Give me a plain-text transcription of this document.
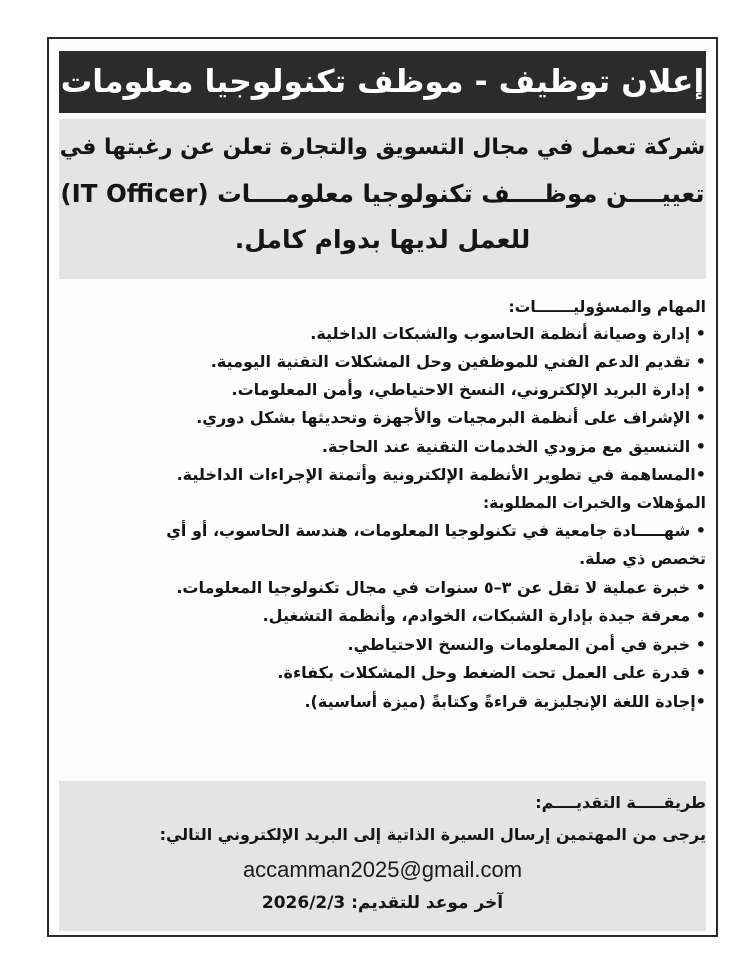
إعلان توظيف - موظف تكنولوجيا معلومات
شركة تعمل في مجال التسويق والتجارة تعلن عن رغبتها في
تعييــــن موظــــف تكنولوجيا معلومــــات (IT Officer)
للعمل لديها بدوام كامل.
المهام والمسؤوليـــــــات:
• إدارة وصيانة أنظمة الحاسوب والشبكات الداخلية.
• تقديم الدعم الفني للموظفين وحل المشكلات التقنية اليومية.
• إدارة البريد الإلكتروني، النسخ الاحتياطي، وأمن المعلومات.
• الإشراف على أنظمة البرمجيات والأجهزة وتحديثها بشكل دوري.
• التنسيق مع مزودي الخدمات التقنية عند الحاجة.
•المساهمة في تطوير الأنظمة الإلكترونية وأتمتة الإجراءات الداخلية.
المؤهلات والخبرات المطلوبة:
• شهـــــادة جامعية في تكنولوجيا المعلومات، هندسة الحاسوب، أو أي
تخصص ذي صلة.
• خبرة عملية لا تقل عن ٣–٥ سنوات في مجال تكنولوجيا المعلومات.
• معرفة جيدة بإدارة الشبكات، الخوادم، وأنظمة التشغيل.
• خبرة في أمن المعلومات والنسخ الاحتياطي.
• قدرة على العمل تحت الضغط وحل المشكلات بكفاءة.
•إجادة اللغة الإنجليزية قراءةً وكتابةً (ميزة أساسية).
طريقـــــة التقديــــم:
يرجى من المهتمين إرسال السيرة الذاتية إلى البريد الإلكتروني التالي:
accamman2025@gmail.com
آخر موعد للتقديم: 2026/2/3
